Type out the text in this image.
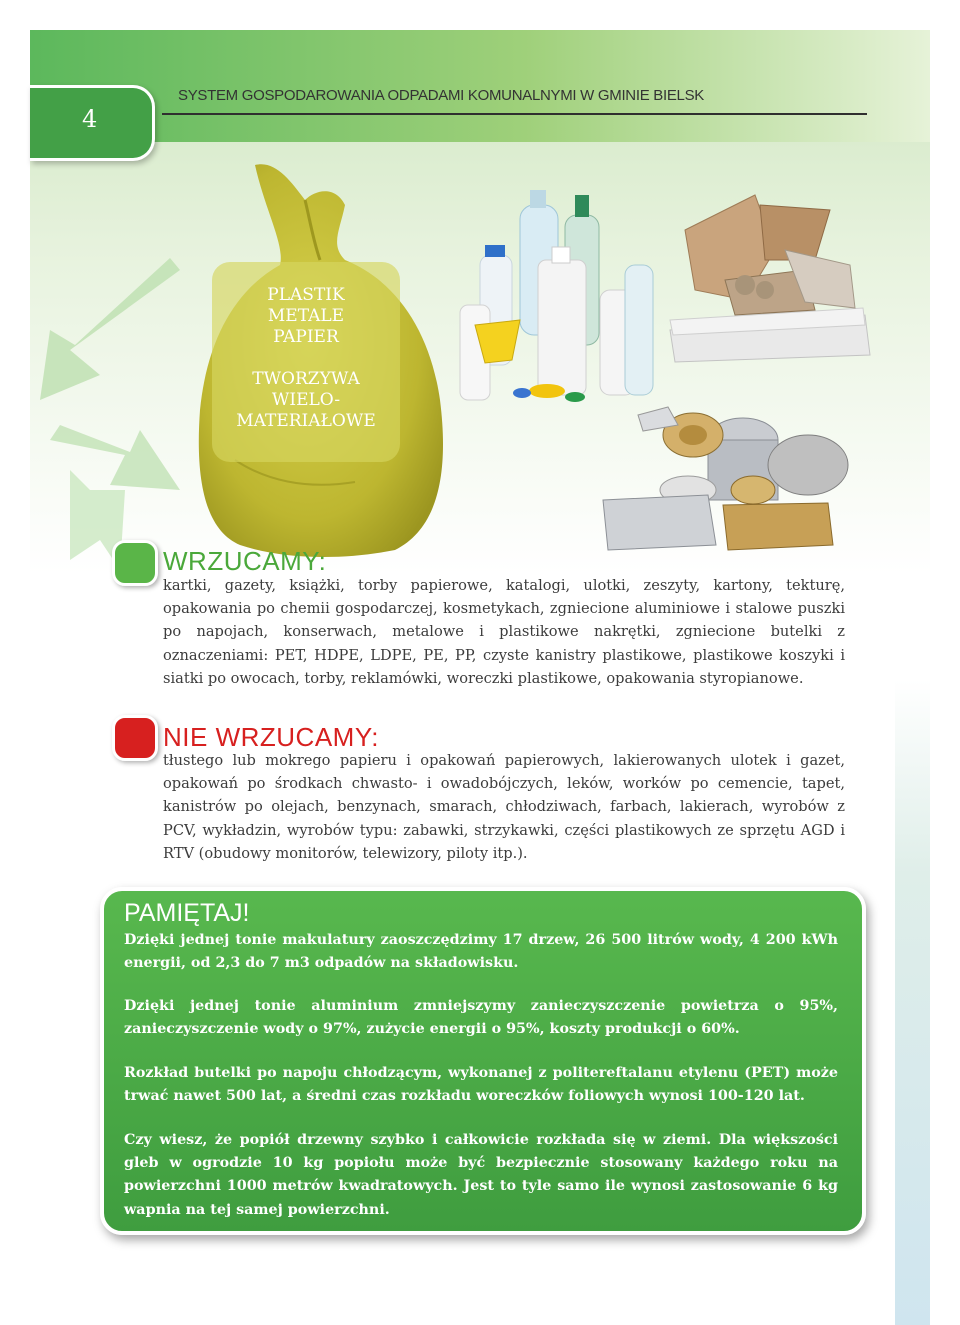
4
SYSTEM GOSPODAROWANIA ODPADAMI KOMUNALNYMI W GMINIE BIELSK
PLASTIK
METALE
PAPIER
TWORZYWA
WIELO-
MATERIAŁOWE
WRZUCAMY:
kartki, gazety, książki, torby papierowe, katalogi, ulotki, zeszyty, kartony, tekturę, opakowania po chemii gospodarczej, kosmetykach, zgniecione aluminiowe i stalowe puszki po napojach, konserwach, metalowe i plastikowe nakrętki, zgniecione butelki z oznaczeniami: PET, HDPE, LDPE, PE, PP, czyste kanistry plastikowe, plastikowe koszyki i siatki po owocach, torby, reklamówki, woreczki plastikowe, opakowania styropianowe.
NIE WRZUCAMY:
tłustego lub mokrego papieru i opakowań papierowych, lakierowanych ulotek i gazet, opakowań po środkach chwasto- i owadobójczych, leków, worków po cemencie, tapet, kanistrów po olejach, benzynach, smarach, chłodziwach, farbach, lakierach, wyrobów z PCV, wykładzin, wyrobów typu: zabawki, strzykawki, części plastikowych ze sprzętu AGD i RTV (obudowy monitorów, telewizory, piloty itp.).
PAMIĘTAJ!
Dzięki jednej tonie makulatury zaoszczędzimy 17 drzew, 26 500 litrów wody, 4 200 kWh energii, od 2,3 do 7 m3 odpadów na składowisku.
Dzięki jednej tonie aluminium zmniejszymy zanieczyszczenie powietrza o 95%, zanieczyszczenie wody o 97%, zużycie energii o 95%, koszty produkcji o 60%.
Rozkład butelki po napoju chłodzącym, wykonanej z politereftalanu etylenu (PET) może trwać nawet 500 lat, a średni czas rozkładu woreczków foliowych wynosi 100-120 lat.
Czy wiesz, że popiół drzewny szybko i całkowicie rozkłada się w ziemi. Dla większości gleb w ogrodzie 10 kg popiołu może być bezpiecznie stosowany każdego roku na powierzchni 1000 metrów kwadratowych. Jest to tyle samo ile wynosi zastosowanie 6 kg wapnia na tej samej powierzchni.
